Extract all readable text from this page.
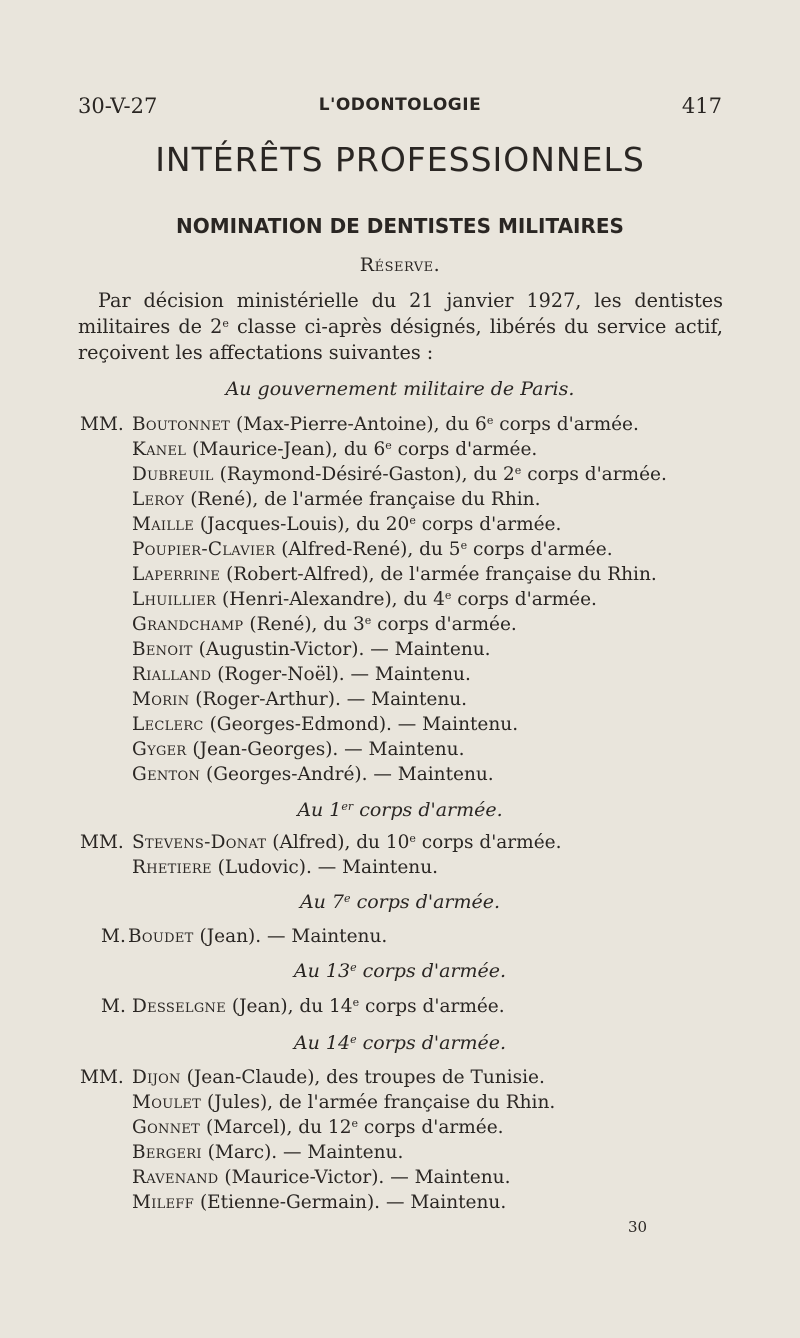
30-V-27	L'ODONTOLOGIE	417
INTÉRÊTS PROFESSIONNELS
NOMINATION DE DENTISTES MILITAIRES
Réserve.

Par décision ministérielle du 21 janvier 1927, les dentistes militaires de 2e classe ci-après désignés, libérés du service actif, reçoivent les affectations suivantes :

Au gouvernement militaire de Paris.
MM. Boutonnet (Max-Pierre-Antoine), du 6e corps d'armée.
Kanel (Maurice-Jean), du 6e corps d'armée.
Dubreuil (Raymond-Désiré-Gaston), du 2e corps d'armée.
Leroy (René), de l'armée française du Rhin.
Maille (Jacques-Louis), du 20e corps d'armée.
Poupier-Clavier (Alfred-René), du 5e corps d'armée.
Laperrine (Robert-Alfred), de l'armée française du Rhin.
Lhuillier (Henri-Alexandre), du 4e corps d'armée.
Grandchamp (René), du 3e corps d'armée.
Benoit (Augustin-Victor). — Maintenu.
Rialland (Roger-Noël). — Maintenu.
Morin (Roger-Arthur). — Maintenu.
Leclerc (Georges-Edmond). — Maintenu.
Gyger (Jean-Georges). — Maintenu.
Genton (Georges-André). — Maintenu.
Au 1er corps d'armée.
MM. Stevens-Donat (Alfred), du 10e corps d'armée.
Rhetiere (Ludovic). — Maintenu.
Au 7e corps d'armée.
M. Boudet (Jean). — Maintenu.
Au 13e corps d'armée.
M. Desselgne (Jean), du 14e corps d'armée.
Au 14e corps d'armée.
MM. Dijon (Jean-Claude), des troupes de Tunisie.
Moulet (Jules), de l'armée française du Rhin.
Gonnet (Marcel), du 12e corps d'armée.
Bergeri (Marc). — Maintenu.
Ravenand (Maurice-Victor). — Maintenu.
Mileff (Etienne-Germain). — Maintenu.
30
